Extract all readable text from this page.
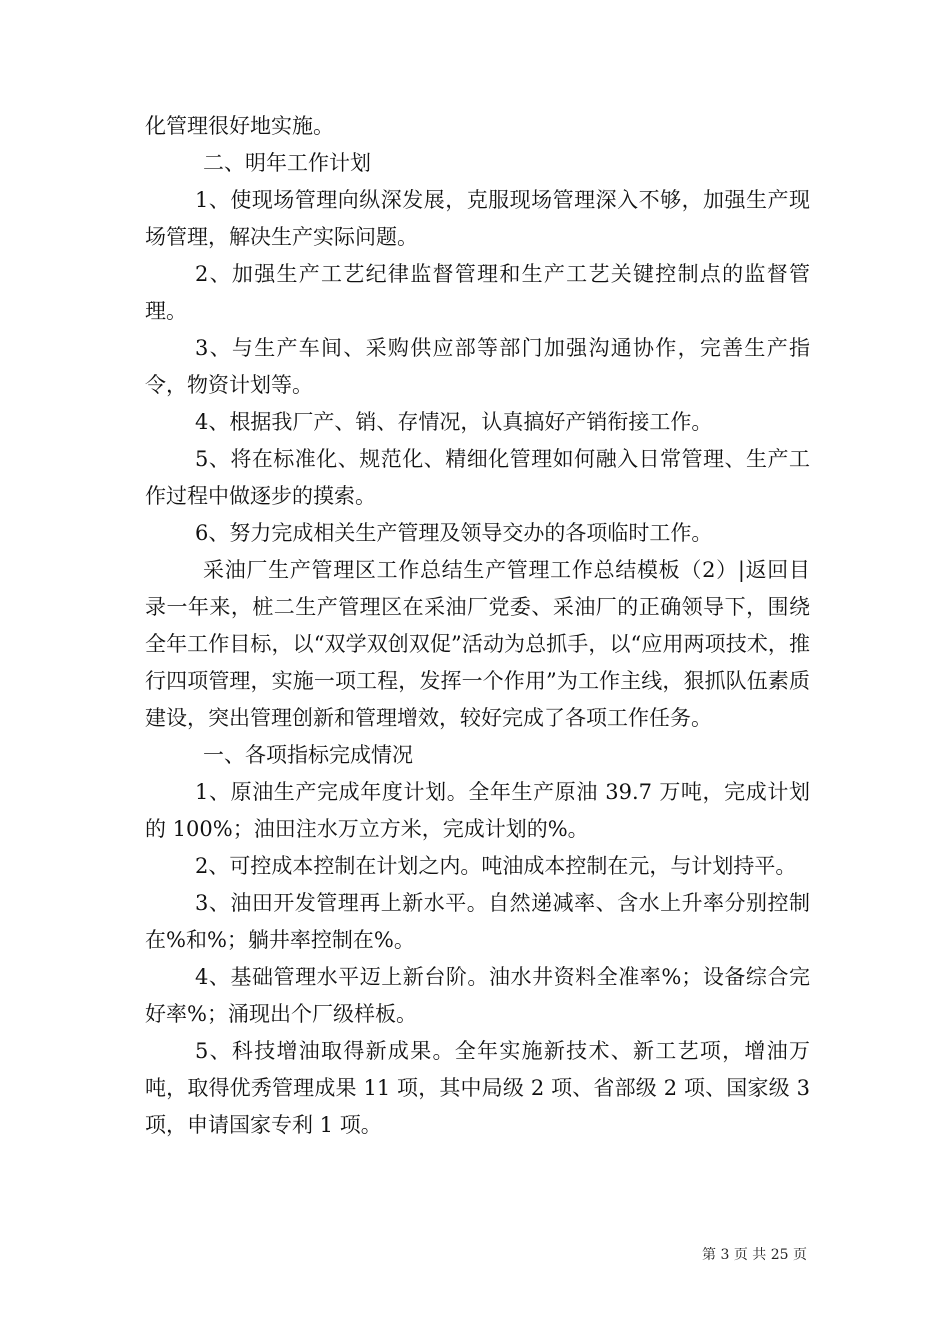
化管理很好地实施。

二、明年工作计划

1、使现场管理向纵深发展，克服现场管理深入不够，加强生产现场管理，解决生产实际问题。

2、加强生产工艺纪律监督管理和生产工艺关键控制点的监督管理。

3、与生产车间、采购供应部等部门加强沟通协作，完善生产指令，物资计划等。

4、根据我厂产、销、存情况，认真搞好产销衔接工作。

5、将在标准化、规范化、精细化管理如何融入日常管理、生产工作过程中做逐步的摸索。

6、努力完成相关生产管理及领导交办的各项临时工作。

采油厂生产管理区工作总结生产管理工作总结模板（2）|返回目录一年来，桩二生产管理区在采油厂党委、采油厂的正确领导下，围绕全年工作目标，以“双学双创双促”活动为总抓手，以“应用两项技术，推行四项管理，实施一项工程，发挥一个作用”为工作主线，狠抓队伍素质建设，突出管理创新和管理增效，较好完成了各项工作任务。

一、各项指标完成情况

1、原油生产完成年度计划。全年生产原油 39.7 万吨，完成计划的 100%；油田注水万立方米，完成计划的%。

2、可控成本控制在计划之内。吨油成本控制在元，与计划持平。

3、油田开发管理再上新水平。自然递减率、含水上升率分别控制在%和%；躺井率控制在%。

4、基础管理水平迈上新台阶。油水井资料全准率%；设备综合完好率%；涌现出个厂级样板。

5、科技增油取得新成果。全年实施新技术、新工艺项，增油万吨，取得优秀管理成果 11 项，其中局级 2 项、省部级 2 项、国家级 3 项，申请国家专利 1 项。

第 3 页 共 25 页
